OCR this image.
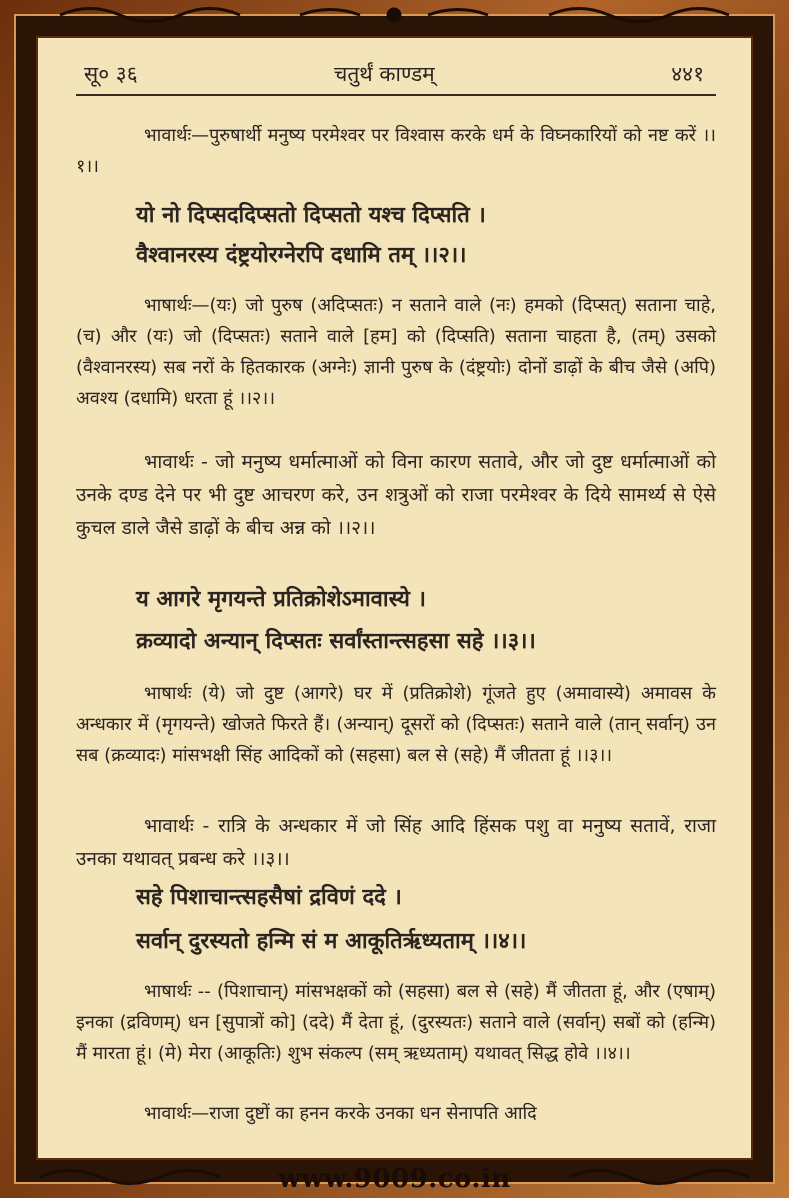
सू० ३६	चतुर्थं काण्डम्	४४१
भावार्थः—पुरुषार्थी मनुष्य परमेश्वर पर विश्वास करके धर्म के विघ्नकारियों को नष्ट करें ।।१।।
यो नो दिप्सददिप्सतो दिप्सतो यश्च दिप्सति ।
वैश्वानरस्य दंष्ट्रयोरग्नेरपि दधामि तम् ।।२।।
भाषार्थः—(यः) जो पुरुष (अदिप्सतः) न सताने वाले (नः) हमको (दिप्सत्) सताना चाहे, (च) और (यः) जो (दिप्सतः) सताने वाले [हम] को (दिप्सति) सताना चाहता है, (तम्) उसको (वैश्वानरस्य) सब नरों के हितकारक (अग्नेः) ज्ञानी पुरुष के (दंष्ट्रयोः) दोनों डाढ़ों के बीच जैसे (अपि) अवश्य (दधामि) धरता हूं ।।२।।
भावार्थः - जो मनुष्य धर्मात्माओं को विना कारण सतावे, और जो दुष्ट धर्मात्माओं को उनके दण्ड देने पर भी दुष्ट आचरण करे, उन शत्रुओं को राजा परमेश्वर के दिये सामर्थ्य से ऐसे कुचल डाले जैसे डाढ़ों के बीच अन्न को ।।२।।
य आगरे मृगयन्ते प्रतिक्रोशेऽमावास्ये ।
क्रव्यादो अन्यान् दिप्सतः सर्वांस्तान्त्सहसा सहे ।।३।।
भाषार्थः (ये) जो दुष्ट (आगरे) घर में (प्रतिक्रोशे) गूंजते हुए (अमावास्ये) अमावस के अन्धकार में (मृगयन्ते) खोजते फिरते हैं। (अन्यान्) दूसरों को (दिप्सतः) सताने वाले (तान् सर्वान्) उन सब (क्रव्यादः) मांसभक्षी सिंह आदिकों को (सहसा) बल से (सहे) मैं जीतता हूं ।।३।।
भावार्थः - रात्रि के अन्धकार में जो सिंह आदि हिंसक पशु वा मनुष्य सतावें, राजा उनका यथावत् प्रबन्ध करे ।।३।।
सहे पिशाचान्त्सहसैषां द्रविणं ददे ।
सर्वान् दुरस्यतो हन्मि सं म आकूतिर्ऋध्यताम् ।।४।।
भाषार्थः -- (पिशाचान्) मांसभक्षकों को (सहसा) बल से (सहे) मैं जीतता हूं, और (एषाम्) इनका (द्रविणम्) धन [सुपात्रों को] (ददे) मैं देता हूं, (दुरस्यतः) सताने वाले (सर्वान्) सबों को (हन्मि) मैं मारता हूं। (मे) मेरा (आकूतिः) शुभ संकल्प (सम् ऋध्यताम्) यथावत् सिद्ध होवे ।।४।।
भावार्थः—राजा दुष्टों का हनन करके उनका धन सेनापति आदि
www.9009.co.in
